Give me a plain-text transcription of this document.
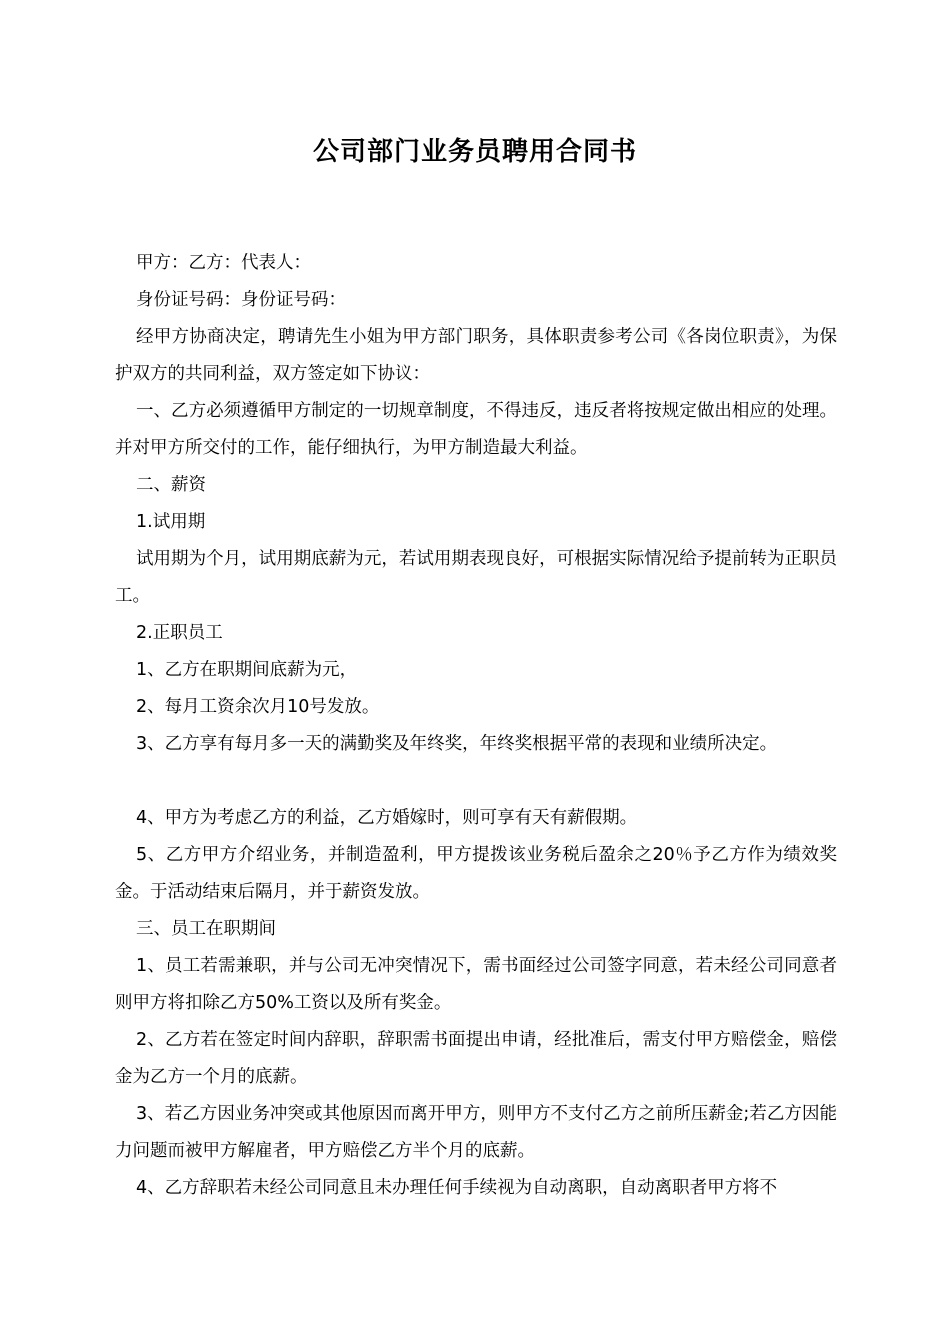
公司部门业务员聘用合同书

甲方：乙方：代表人：

身份证号码：身份证号码：

经甲方协商决定，聘请先生小姐为甲方部门职务，具体职责参考公司《各岗位职责》，为保护双方的共同利益，双方签定如下协议：

一、乙方必须遵循甲方制定的一切规章制度，不得违反，违反者将按规定做出相应的处理。并对甲方所交付的工作，能仔细执行，为甲方制造最大利益。

二、薪资

1.试用期

试用期为个月，试用期底薪为元，若试用期表现良好，可根据实际情况给予提前转为正职员工。

2.正职员工

1、乙方在职期间底薪为元，

2、每月工资余次月10号发放。

3、乙方享有每月多一天的满勤奖及年终奖，年终奖根据平常的表现和业绩所决定。

4、甲方为考虑乙方的利益，乙方婚嫁时，则可享有天有薪假期。

5、乙方甲方介绍业务，并制造盈利，甲方提拨该业务税后盈余之20％予乙方作为绩效奖金。于活动结束后隔月，并于薪资发放。

三、员工在职期间

1、员工若需兼职，并与公司无冲突情况下，需书面经过公司签字同意，若未经公司同意者则甲方将扣除乙方50%工资以及所有奖金。

2、乙方若在签定时间内辞职，辞职需书面提出申请，经批准后，需支付甲方赔偿金，赔偿金为乙方一个月的底薪。

3、若乙方因业务冲突或其他原因而离开甲方，则甲方不支付乙方之前所压薪金;若乙方因能力问题而被甲方解雇者，甲方赔偿乙方半个月的底薪。

4、乙方辞职若未经公司同意且未办理任何手续视为自动离职，自动离职者甲方将不
